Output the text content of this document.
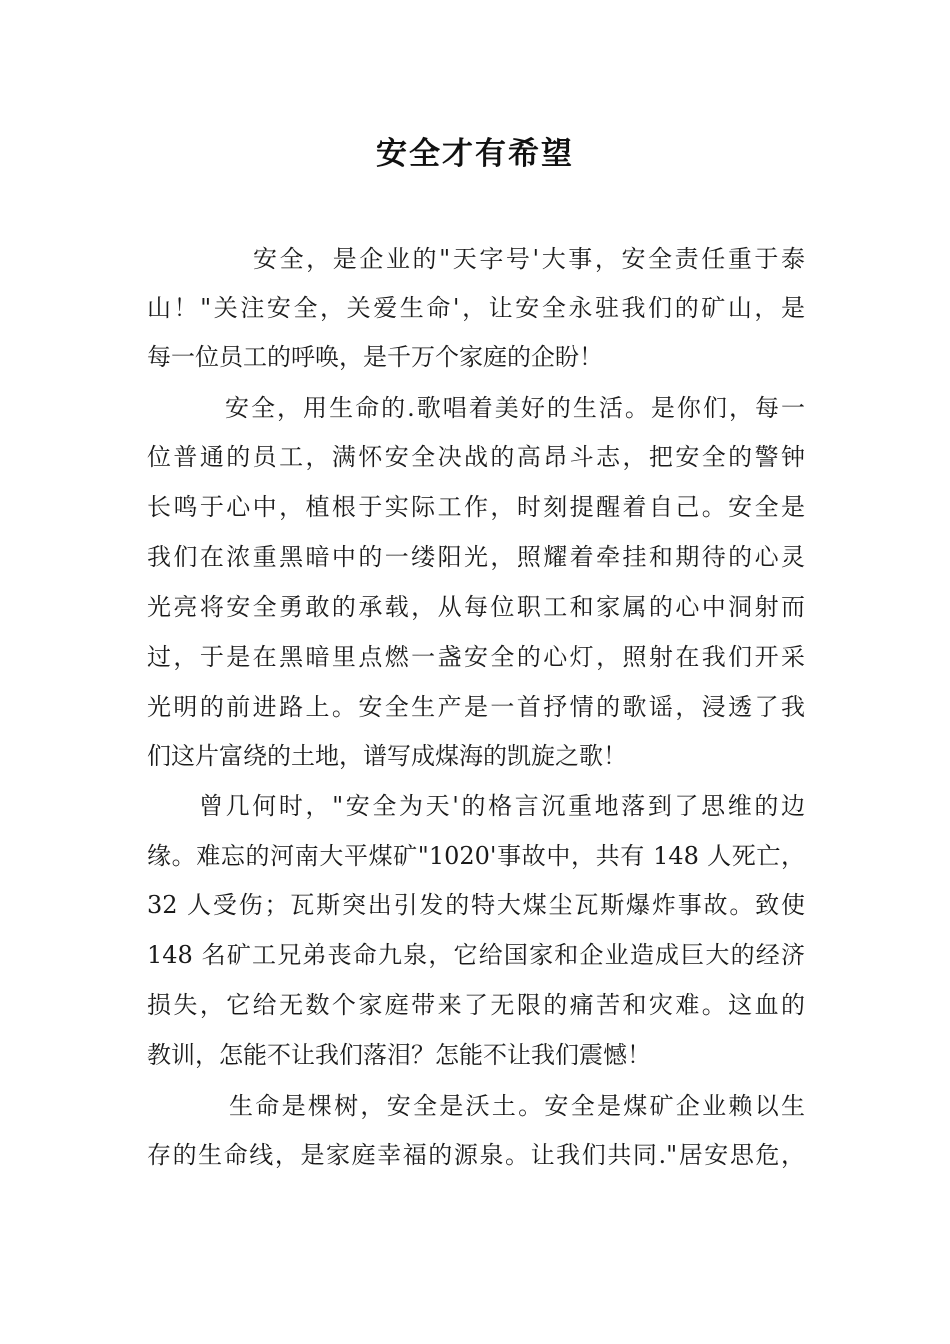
安全才有希望
安全，是企业的"天字号'大事，安全责任重于泰
山！"关注安全，关爱生命'，让安全永驻我们的矿山，是
每一位员工的呼唤，是千万个家庭的企盼！
安全，用生命的.歌唱着美好的生活。是你们，每一
位普通的员工，满怀安全决战的高昂斗志，把安全的警钟
长鸣于心中，植根于实际工作，时刻提醒着自己。安全是
我们在浓重黑暗中的一缕阳光，照耀着牵挂和期待的心灵
光亮将安全勇敢的承载，从每位职工和家属的心中洞射而
过，于是在黑暗里点燃一盏安全的心灯，照射在我们开采
光明的前进路上。安全生产是一首抒情的歌谣，浸透了我
们这片富绕的土地，谱写成煤海的凯旋之歌！
曾几何时，"安全为天'的格言沉重地落到了思维的边
缘。难忘的河南大平煤矿"1020'事故中，共有 148 人死亡，
32 人受伤；瓦斯突出引发的特大煤尘瓦斯爆炸事故。致使
148 名矿工兄弟丧命九泉，它给国家和企业造成巨大的经济
损失，它给无数个家庭带来了无限的痛苦和灾难。这血的
教训，怎能不让我们落泪？怎能不让我们震憾！
生命是棵树，安全是沃土。安全是煤矿企业赖以生
存的生命线，是家庭幸福的源泉。让我们共同."居安思危，
